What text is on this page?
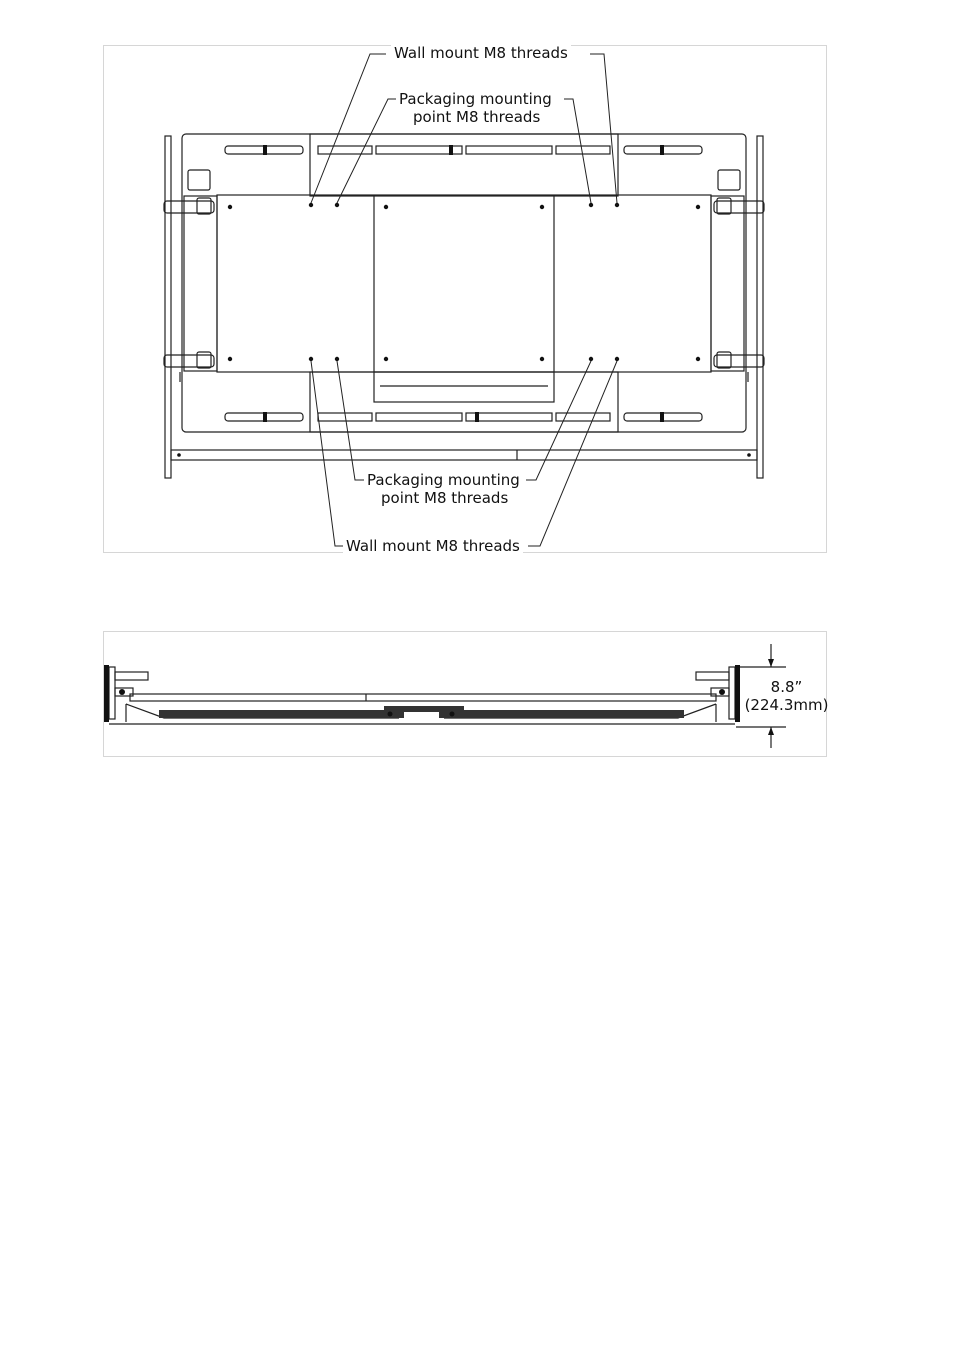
Wall mount M8 threads
Packaging mounting
point M8 threads
Packaging mounting
point M8 threads
Wall mount M8 threads
8.8”
(224.3mm)
